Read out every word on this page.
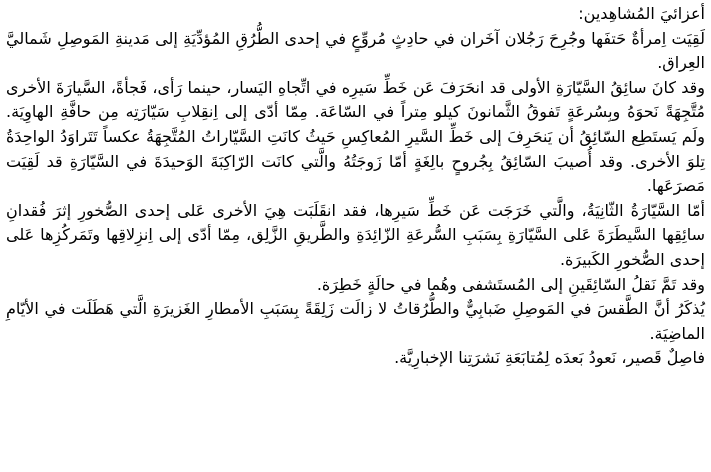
أعزائيَ المُشاهِدين:

لَقِيَت اِمرأةٌ حَتفَها وجُرِحَ رَجُلان آخَران في حادِثٍ مُروِّعٍ في إحدى الطُّرُقِ المُؤدِّيَةِ إلى مَدينةِ المَوصِلِ شَماليَّ العِراق.

وقد كانَ سائِقُ السَّيّارَةِ الأولى قد انحَرَفَ عَن خَطِّ سَيرِه في اتِّجاهِ اليَسار، حينما رَأى، فَجأةً، السَّيارَةَ الأخرى مُتَّجِهَةً نَحوَهُ وبِسُرعَةٍ تَفوقُ الثَّمانونَ كيلو مِتراً في السّاعَة. مِمّا أدّى إلى اِنقِلابِ سَيّارَتِه مِن حافَّةِ الهاوِيَة. ولَم يَستَطِع السّائِقُ أن يَنحَرِفَ إلى خَطِّ السَّيرِ المُعاكِسِ حَيثُ كانَتِ السَّيّاراتُ المُتَّجِهَةُ عكساً تَتَراوَدُ الواحِدَةُ تِلوَ الأخرى. وقد أُصيبَ السّائِقُ بِجُروحٍ بالِغَةٍ أمّا زَوجَتُهُ والَّتي كانَت الرّاكِبَةَ الوَحيدَةَ في السَّيّارَةِ قد لَقِيَت مَصرَعَها.

أمّا السَّيّارَةُ الثّانِيَةُ، والَّتي خَرَجَت عَن خَطِّ سَيرِها، فقد انقَلَبَت هِيَ الأخرى عَلى إحدى الصُّخورِ إثرَ فُقدانِ سائِقِها السَّيطَرَةَ عَلى السَّيّارَةِ بِسَبَبِ السُّرعَةِ الزّائِدَةِ والطَّريقِ الزَّلِق، مِمّا أدّى إلى اِنزِلاقِها وتَمَركُزِها عَلى إحدى الصُّخورِ الكَبيرَة.

وقد تَمَّ نَقلُ السّائِقَينِ إلى المُستَشفى وهُما في حالَةٍ خَطِرَة.

يُذكَرُ أنَّ الطَّقسَ في المَوصِلِ ضَبابِيٌّ والطُّرُقاتُ لا زالَت زَلِقَةً بِسَبَبِ الأمطارِ الغَزيرَةِ الَّتي هَطَلَت في الأيّامِ الماضِيَة.

فاصِلٌ قَصير، نَعودُ بَعدَه لِمُتابَعَةِ نَشرَتِنا الإخبارِيَّة.
